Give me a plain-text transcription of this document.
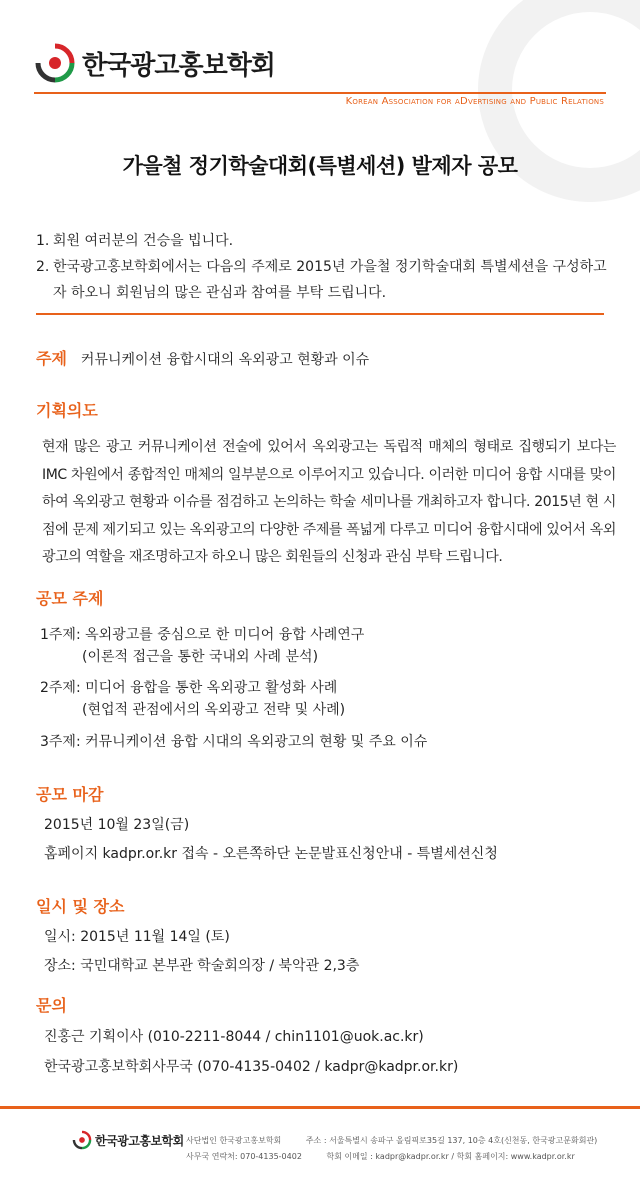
한국광고홍보학회
Korean Association for aDvertising and Public Relations
가을철 정기학술대회(특별세션) 발제자 공모
1. 회원 여러분의 건승을 빕니다.
2. 한국광고홍보학회에서는 다음의 주제로 2015년 가을철 정기학술대회 특별세션을 구성하고자 하오니 회원님의 많은 관심과 참여를 부탁 드립니다.
주제 커뮤니케이션 융합시대의 옥외광고 현황과 이슈
기획의도
현재 많은 광고 커뮤니케이션 전술에 있어서 옥외광고는 독립적 매체의 형태로 집행되기 보다는 IMC 차원에서 종합적인 매체의 일부분으로 이루어지고 있습니다. 이러한 미디어 융합 시대를 맞이하여 옥외광고 현황과 이슈를 점검하고 논의하는 학술 세미나를 개최하고자 합니다. 2015년 현 시점에 문제 제기되고 있는 옥외광고의 다양한 주제를 폭넓게 다루고 미디어 융합시대에 있어서 옥외광고의 역할을 재조명하고자 하오니 많은 회원들의 신청과 관심 부탁 드립니다.
공모 주제
1주제: 옥외광고를 중심으로 한 미디어 융합 사례연구
(이론적 접근을 통한 국내외 사례 분석)
2주제: 미디어 융합을 통한 옥외광고 활성화 사례
(현업적 관점에서의 옥외광고 전략 및 사례)
3주제: 커뮤니케이션 융합 시대의 옥외광고의 현황 및 주요 이슈
공모 마감
2015년 10월 23일(금)
홈페이지 kadpr.or.kr 접속 - 오른쪽하단 논문발표신청안내 - 특별세션신청
일시 및 장소
일시: 2015년 11월 14일 (토)
장소: 국민대학교 본부관 학술회의장 / 북악관 2,3층
문의
진홍근 기획이사 (010-2211-8044 / chin1101@uok.ac.kr)
한국광고홍보학회사무국 (070-4135-0402 / kadpr@kadpr.or.kr)
한국광고홍보학회 사단법인 한국광고홍보학회	주소 : 서울특별시 송파구 올림픽로35길 137, 10층 4호(신천동, 한국광고문화회관)
사무국 연락처: 070-4135-0402	학회 이메일 : kadpr@kadpr.or.kr / 학회 홈페이지: www.kadpr.or.kr
